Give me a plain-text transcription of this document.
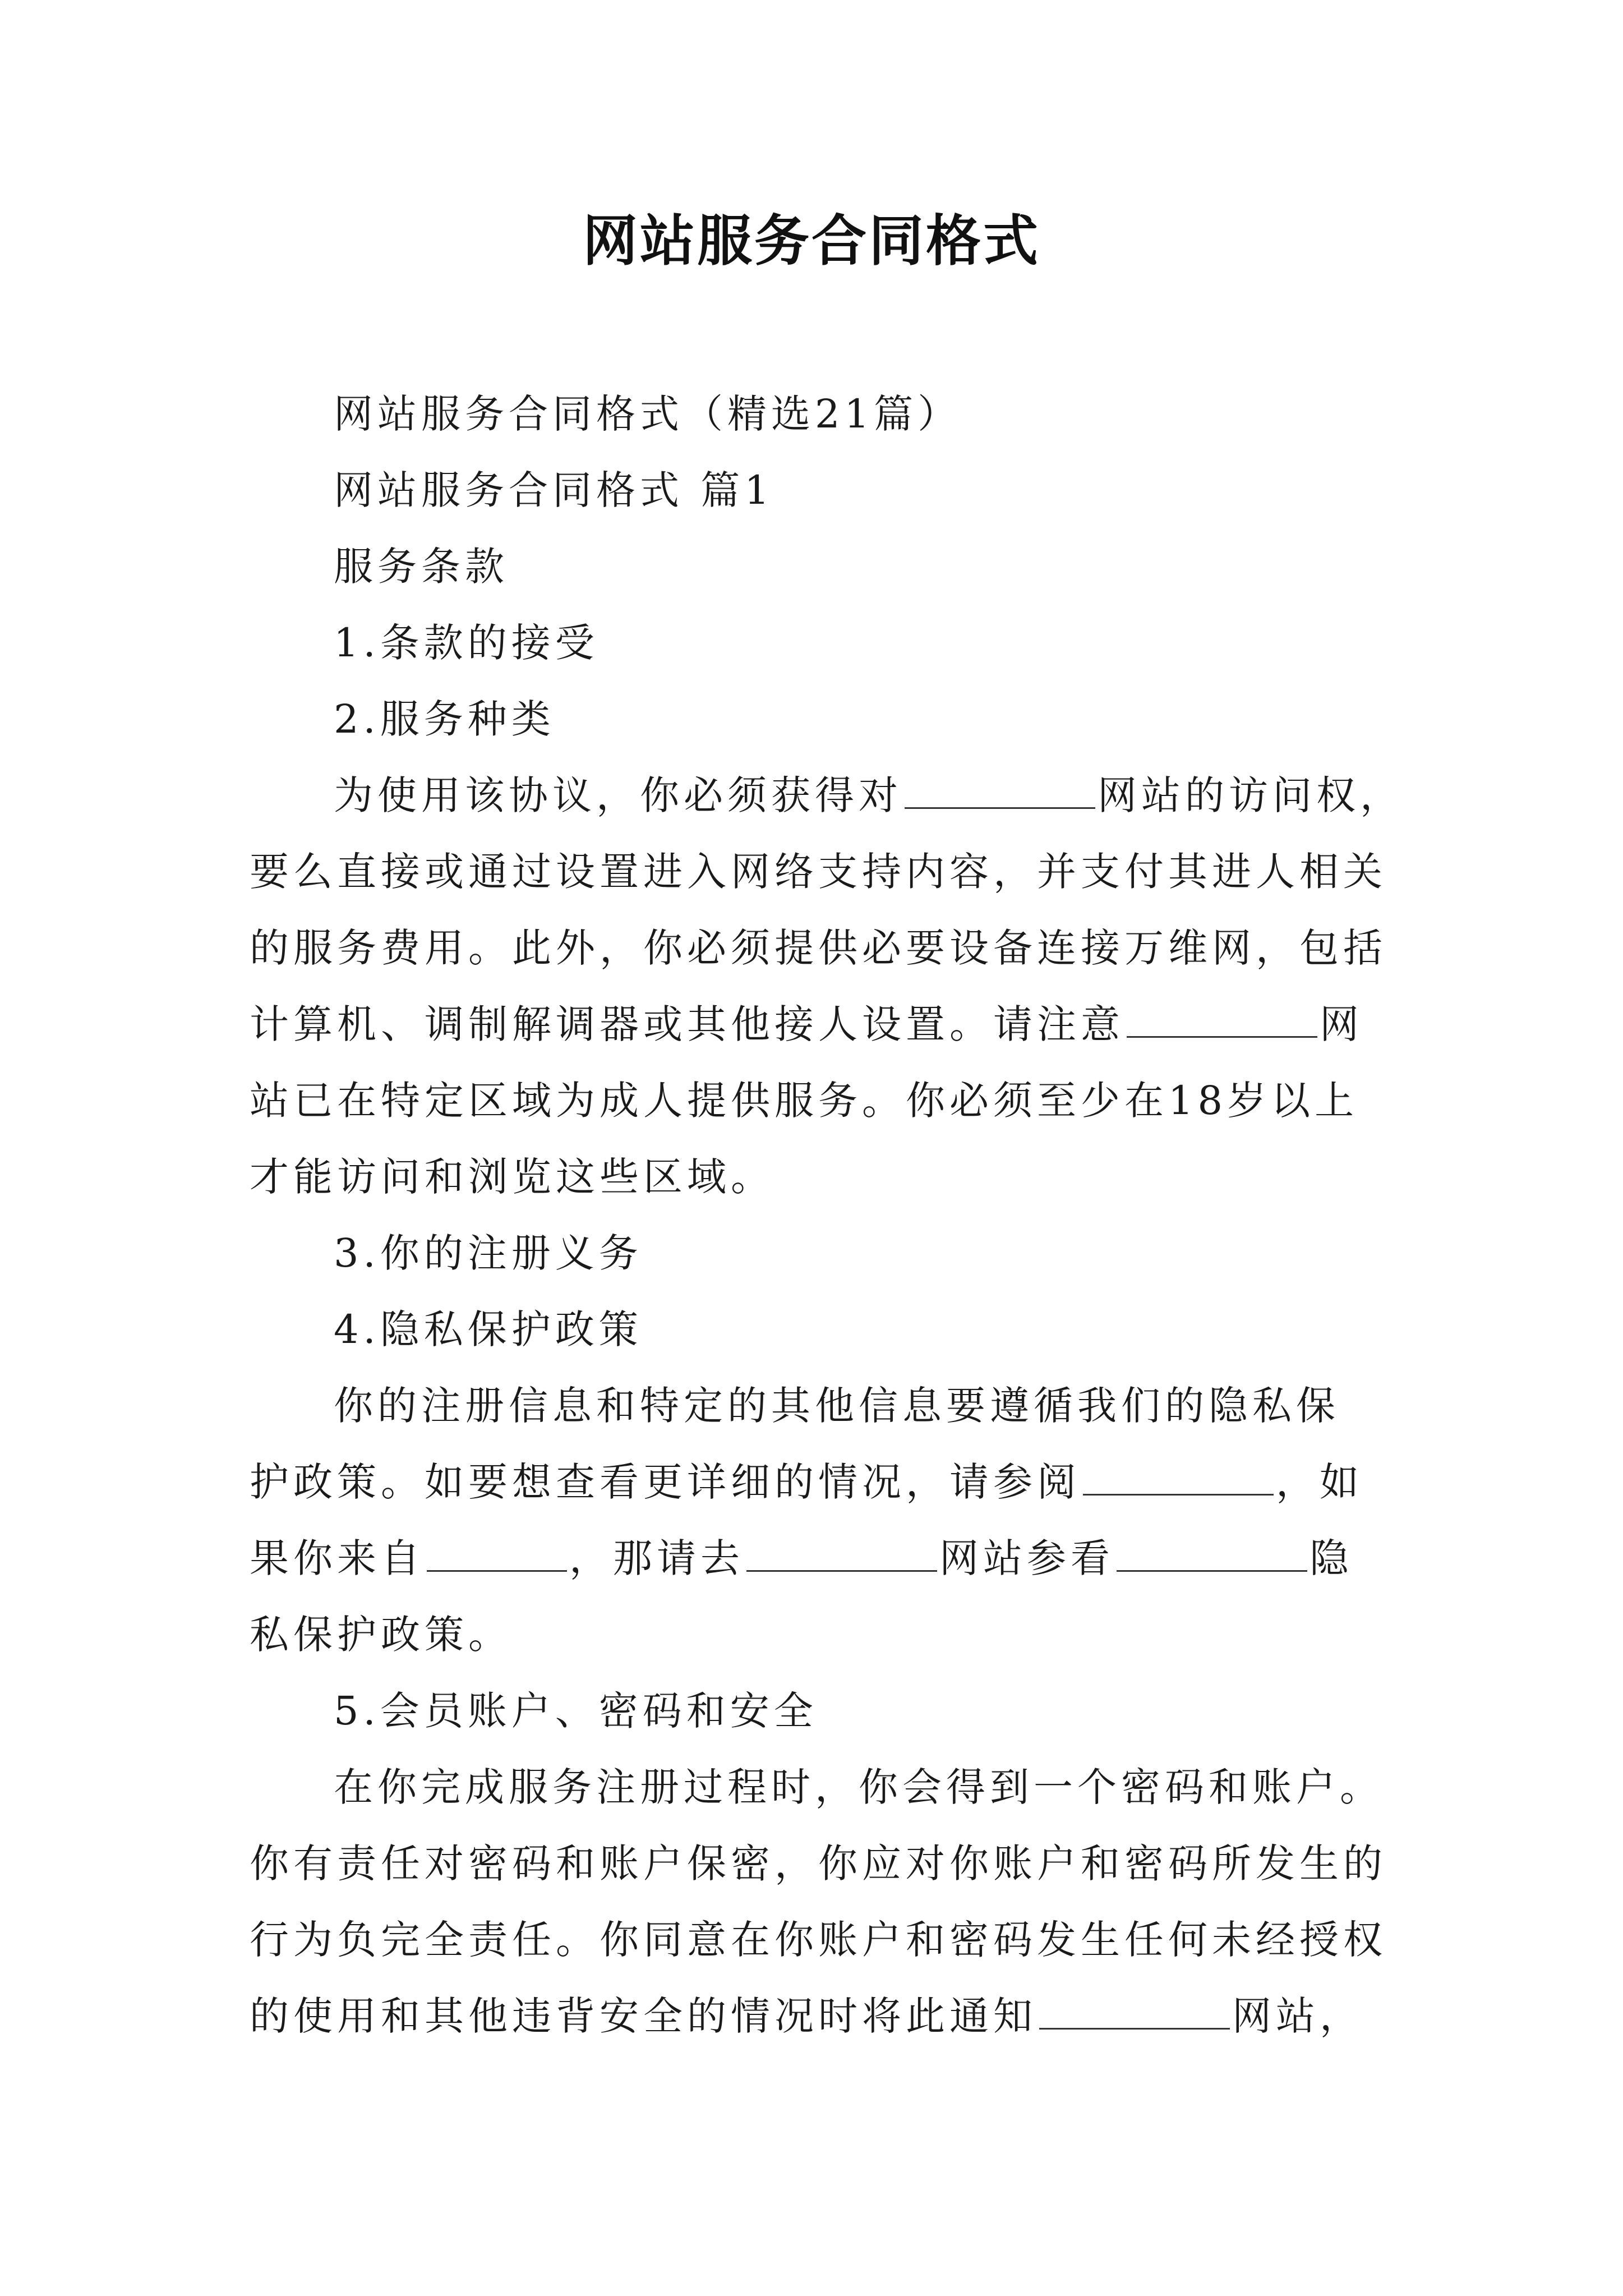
网站服务合同格式
网站服务合同格式（精选21篇）
网站服务合同格式 篇1
服务条款
1.条款的接受
2.服务种类
为使用该协议，你必须获得对	网站的访问权，
要么直接或通过设置进入网络支持内容，并支付其进人相关
的服务费用。此外，你必须提供必要设备连接万维网，包括
计算机、调制解调器或其他接人设置。请注意	网
站已在特定区域为成人提供服务。你必须至少在18岁以上
才能访问和浏览这些区域。
3.你的注册义务
4.隐私保护政策
你的注册信息和特定的其他信息要遵循我们的隐私保
护政策。如要想查看更详细的情况，请参阅	，如
果你来自	，那请去	网站参看	隐
私保护政策。
5.会员账户、密码和安全
在你完成服务注册过程时，你会得到一个密码和账户。
你有责任对密码和账户保密，你应对你账户和密码所发生的
行为负完全责任。你同意在你账户和密码发生任何未经授权
的使用和其他违背安全的情况时将此通知	网站，
